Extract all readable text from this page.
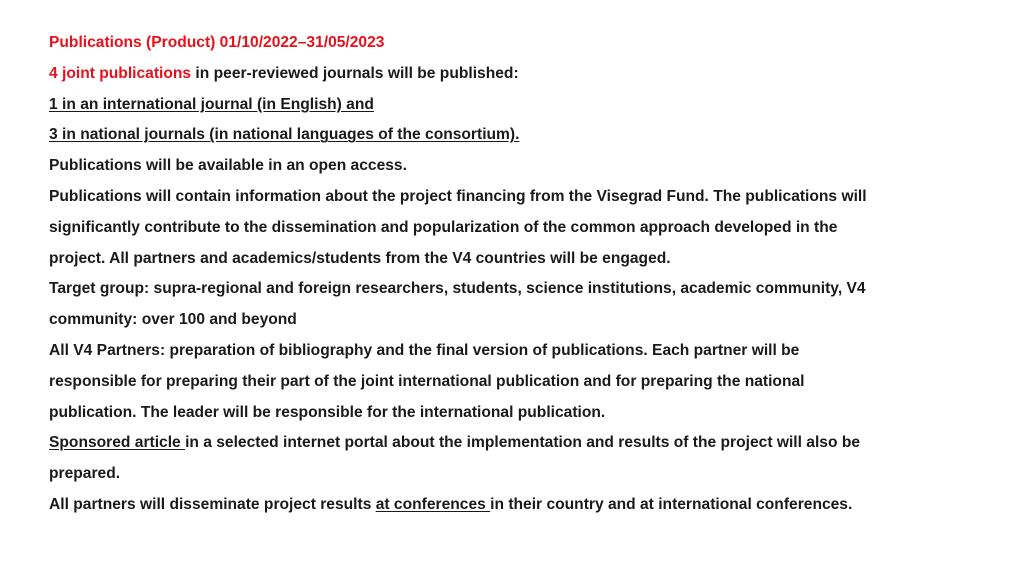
Publications (Product) 01/10/2022–31/05/2023

4 joint publications in peer-reviewed journals will be published:

1 in an international journal (in English) and

3 in national journals (in national languages of the consortium).

Publications will be available in an open access.

Publications will contain information about the project financing from the Visegrad Fund. The publications will

significantly contribute to the dissemination and popularization of the common approach developed in the

project. All partners and academics/students from the V4 countries will be engaged.

Target group: supra-regional and foreign researchers, students, science institutions, academic community, V4

community: over 100 and beyond

All V4 Partners: preparation of bibliography and the final version of publications. Each partner will be

responsible for preparing their part of the joint international publication and for preparing the national

publication. The leader will be responsible for the international publication.

Sponsored article in a selected internet portal about the implementation and results of the project will also be

prepared.

All partners will disseminate project results at conferences in their country and at international conferences.
